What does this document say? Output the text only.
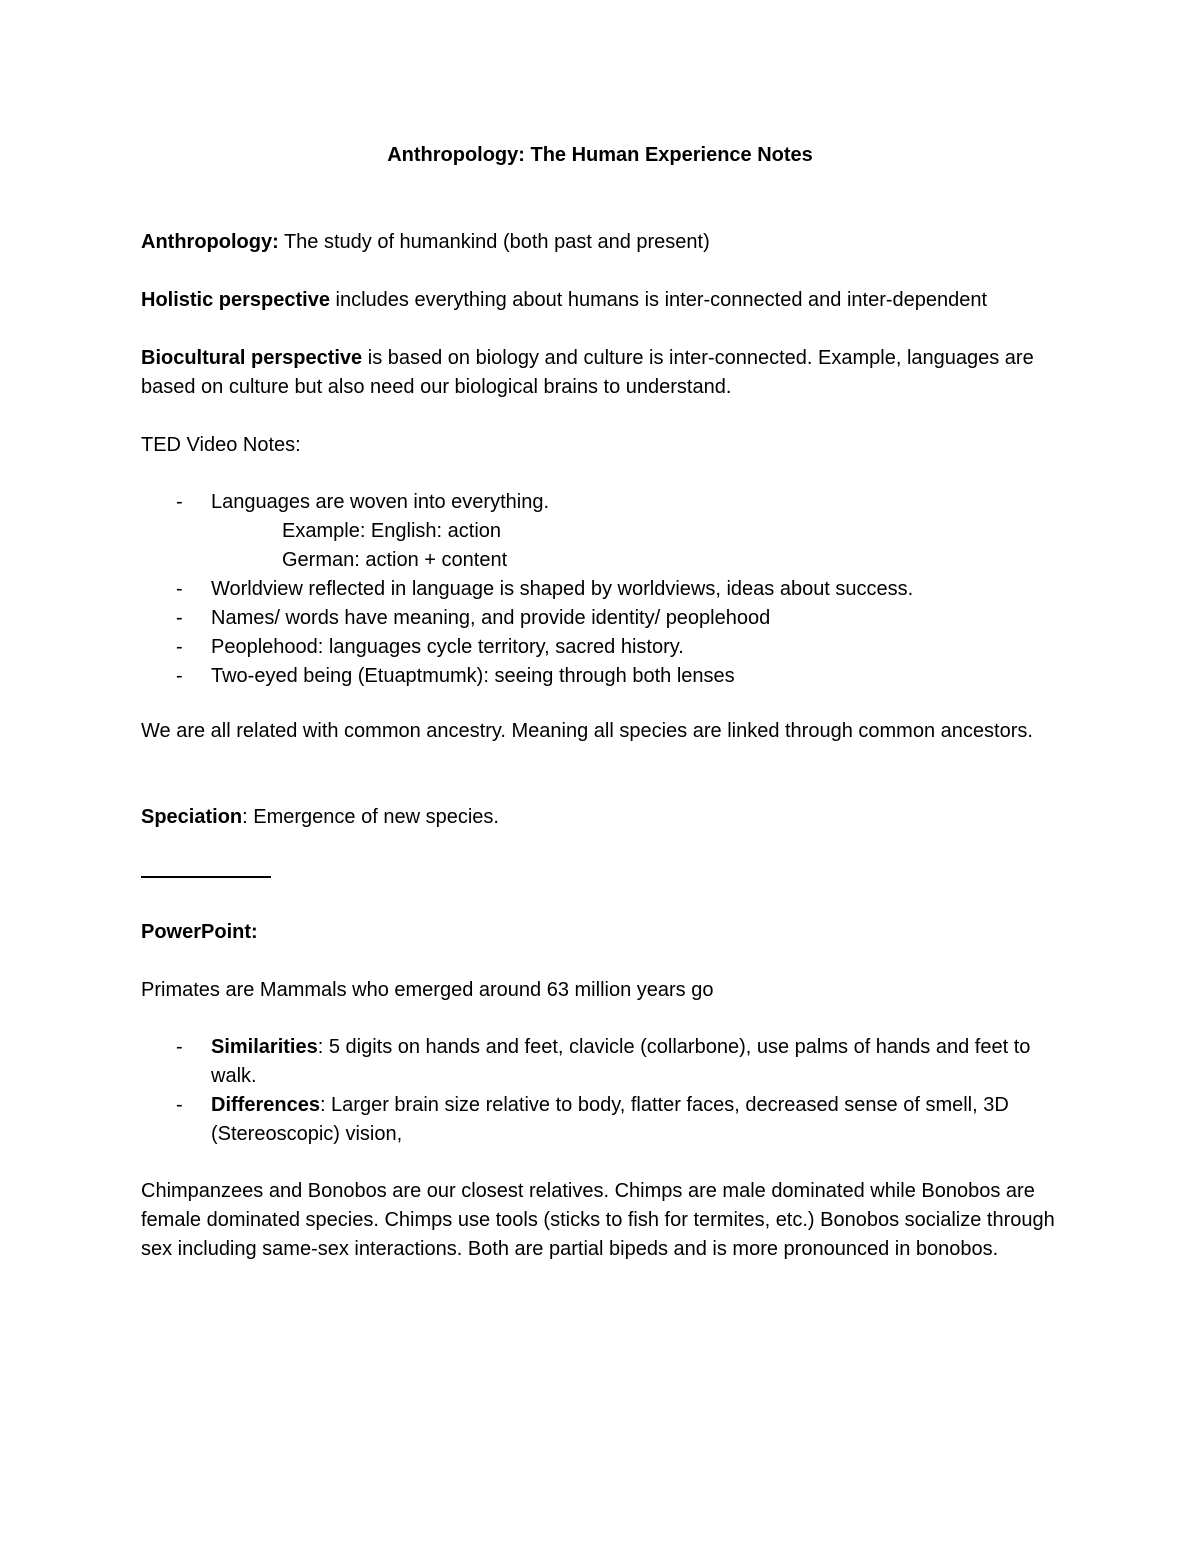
Anthropology: The Human Experience Notes

Anthropology: The study of humankind (both past and present)

Holistic perspective includes everything about humans is inter-connected and inter-dependent

Biocultural perspective is based on biology and culture is inter-connected. Example, languages are based on culture but also need our biological brains to understand.

TED Video Notes:

- Languages are woven into everything.
Example: English: action
German: action + content
- Worldview reflected in language is shaped by worldviews, ideas about success.
- Names/ words have meaning, and provide identity/ peoplehood
- Peoplehood: languages cycle territory, sacred history.
- Two-eyed being (Etuaptmumk): seeing through both lenses

We are all related with common ancestry. Meaning all species are linked through common ancestors.

Speciation: Emergence of new species.

PowerPoint:

Primates are Mammals who emerged around 63 million years go

- Similarities: 5 digits on hands and feet, clavicle (collarbone), use palms of hands and feet to walk.
- Differences: Larger brain size relative to body, flatter faces, decreased sense of smell, 3D (Stereoscopic) vision,

Chimpanzees and Bonobos are our closest relatives. Chimps are male dominated while Bonobos are female dominated species. Chimps use tools (sticks to fish for termites, etc.) Bonobos socialize through sex including same-sex interactions. Both are partial bipeds and is more pronounced in bonobos.
